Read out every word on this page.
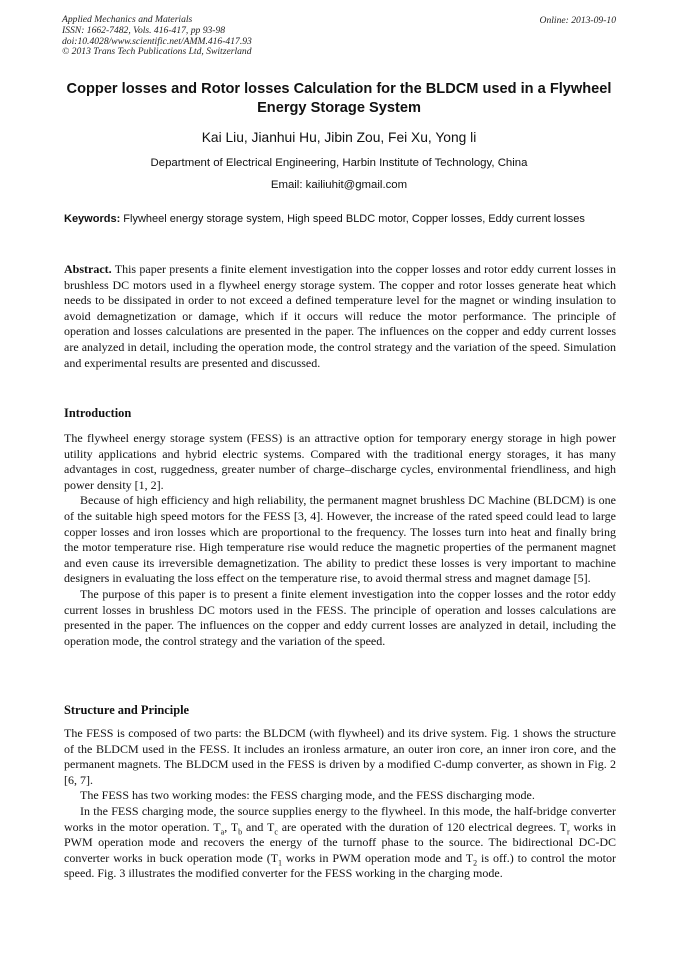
Applied Mechanics and Materials
ISSN: 1662-7482, Vols. 416-417, pp 93-98
doi:10.4028/www.scientific.net/AMM.416-417.93
© 2013 Trans Tech Publications Ltd, Switzerland
Online: 2013-09-10
Copper losses and Rotor losses Calculation for the BLDCM used in a Flywheel Energy Storage System
Kai Liu, Jianhui Hu, Jibin Zou, Fei Xu, Yong li
Department of Electrical Engineering, Harbin Institute of Technology, China
Email: kailiuhit@gmail.com
Keywords: Flywheel energy storage system, High speed BLDC motor, Copper losses, Eddy current losses

Abstract. This paper presents a finite element investigation into the copper losses and rotor eddy current losses in brushless DC motors used in a flywheel energy storage system. The copper and rotor losses generate heat which needs to be dissipated in order to not exceed a defined temperature level for the magnet or winding insulation to avoid demagnetization or damage, which if it occurs will reduce the motor performance. The principle of operation and losses calculations are presented in the paper. The influences on the copper and eddy current losses are analyzed in detail, including the operation mode, the control strategy and the variation of the speed. Simulation and experimental results are presented and discussed.

Introduction

The flywheel energy storage system (FESS) is an attractive option for temporary energy storage in high power utility applications and hybrid electric systems. Compared with the traditional energy storages, it has many advantages in cost, ruggedness, greater number of charge–discharge cycles, environmental friendliness, and high power density [1, 2].

Because of high efficiency and high reliability, the permanent magnet brushless DC Machine (BLDCM) is one of the suitable high speed motors for the FESS [3, 4]. However, the increase of the rated speed could lead to large copper losses and iron losses which are proportional to the frequency. The losses turn into heat and finally bring the motor temperature rise. High temperature rise would reduce the magnetic properties of the permanent magnet and even cause its irreversible demagnetization. The ability to predict these losses is very important to machine designers in evaluating the loss effect on the temperature rise, to avoid thermal stress and magnet damage [5].

The purpose of this paper is to present a finite element investigation into the copper losses and the rotor eddy current losses in brushless DC motors used in the FESS. The principle of operation and losses calculations are presented in the paper. The influences on the copper and eddy current losses are analyzed in detail, including the operation mode, the control strategy and the variation of the speed.

Structure and Principle

The FESS is composed of two parts: the BLDCM (with flywheel) and its drive system. Fig. 1 shows the structure of the BLDCM used in the FESS. It includes an ironless armature, an outer iron core, an inner iron core, and the permanent magnets. The BLDCM used in the FESS is driven by a modified C-dump converter, as shown in Fig. 2 [6, 7].

The FESS has two working modes: the FESS charging mode, and the FESS discharging mode.

In the FESS charging mode, the source supplies energy to the flywheel. In this mode, the half-bridge converter works in the motor operation. $T_a$, $T_b$ and $T_c$ are operated with the duration of 120 electrical degrees. $T_r$ works in PWM operation mode and recovers the energy of the turnoff phase to the source. The bidirectional DC-DC converter works in buck operation mode ($T_1$ works in PWM operation mode and $T_2$ is off.) to control the motor speed. Fig. 3 illustrates the modified converter for the FESS working in the charging mode.
